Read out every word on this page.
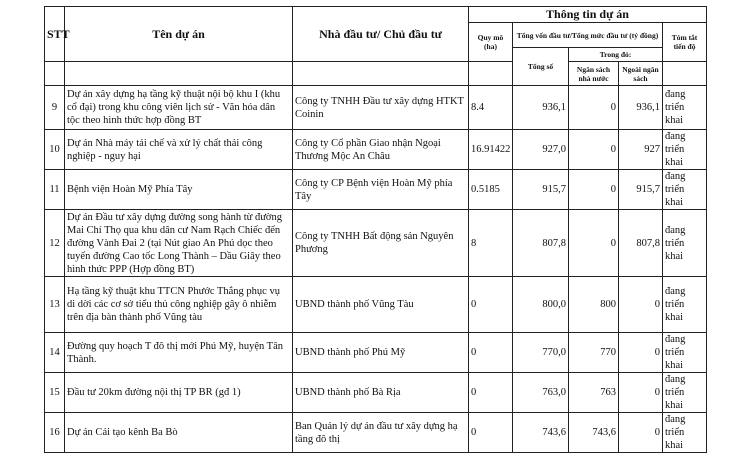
STT	Tên dự án	Nhà đầu tư/ Chủ đầu tư	Thông tin dự án				
			Quy mô (ha)	Tổng vốn đầu tư/Tổng mức đầu tư (tỷ đồng)			Tóm tắt tiến độ
				Tổng số	Trong đó:		
					Ngân sách nhà nước	Ngoài ngân sách	
9	Dự án xây dựng hạ tầng kỹ thuật nội bộ khu I (khu cổ đại) trong khu công viên lịch sử - Văn hóa dân tộc theo hình thức hợp đồng BT	Công ty TNHH Đầu tư xây dựng HTKT Coinin	8.4	936,1	0	936,1	đang triển khai
10	Dự án Nhà máy tái chế và xử lý chất thải công nghiệp - nguy hại	Công ty Cổ phần Giao nhận Ngoại Thương Mộc An Châu	16.91422	927,0	0	927	đang triển khai
11	Bệnh viện Hoàn Mỹ Phía Tây	Công ty CP Bệnh viện Hoàn Mỹ phía Tây	0.5185	915,7	0	915,7	đang triển khai
12	Dự án Đầu tư xây dựng đường song hành từ đường Mai Chí Thọ qua khu dân cư Nam Rạch Chiếc đến đường Vành Đai 2 (tại Nút giao An Phú dọc theo tuyến đường Cao tốc Long Thành – Dầu Giây theo hình thức PPP (Hợp đồng BT)	Công ty TNHH Bất động sản Nguyên Phương	8	807,8	0	807,8	đang triển khai
13	Hạ tầng kỹ thuật khu TTCN Phước Thắng phục vụ di dời các cơ sở tiểu thủ công nghiệp gây ô nhiễm trên địa bàn thành phố Vũng tàu	UBND thành phố Vũng Tàu	0	800,0	800	0	đang triển khai
14	Đường quy hoạch T đô thị mới Phú Mỹ, huyện Tân Thành.	UBND thành phố Phú Mỹ	0	770,0	770	0	đang triển khai
15	Đầu tư 20km đường nội thị TP BR (gđ 1)	UBND thành phố Bà Rịa	0	763,0	763	0	đang triển khai
16	Dự án Cải tạo kênh Ba Bò	Ban Quản lý dự án đầu tư xây dựng hạ tầng đô thị	0	743,6	743,6	0	đang triển khai
